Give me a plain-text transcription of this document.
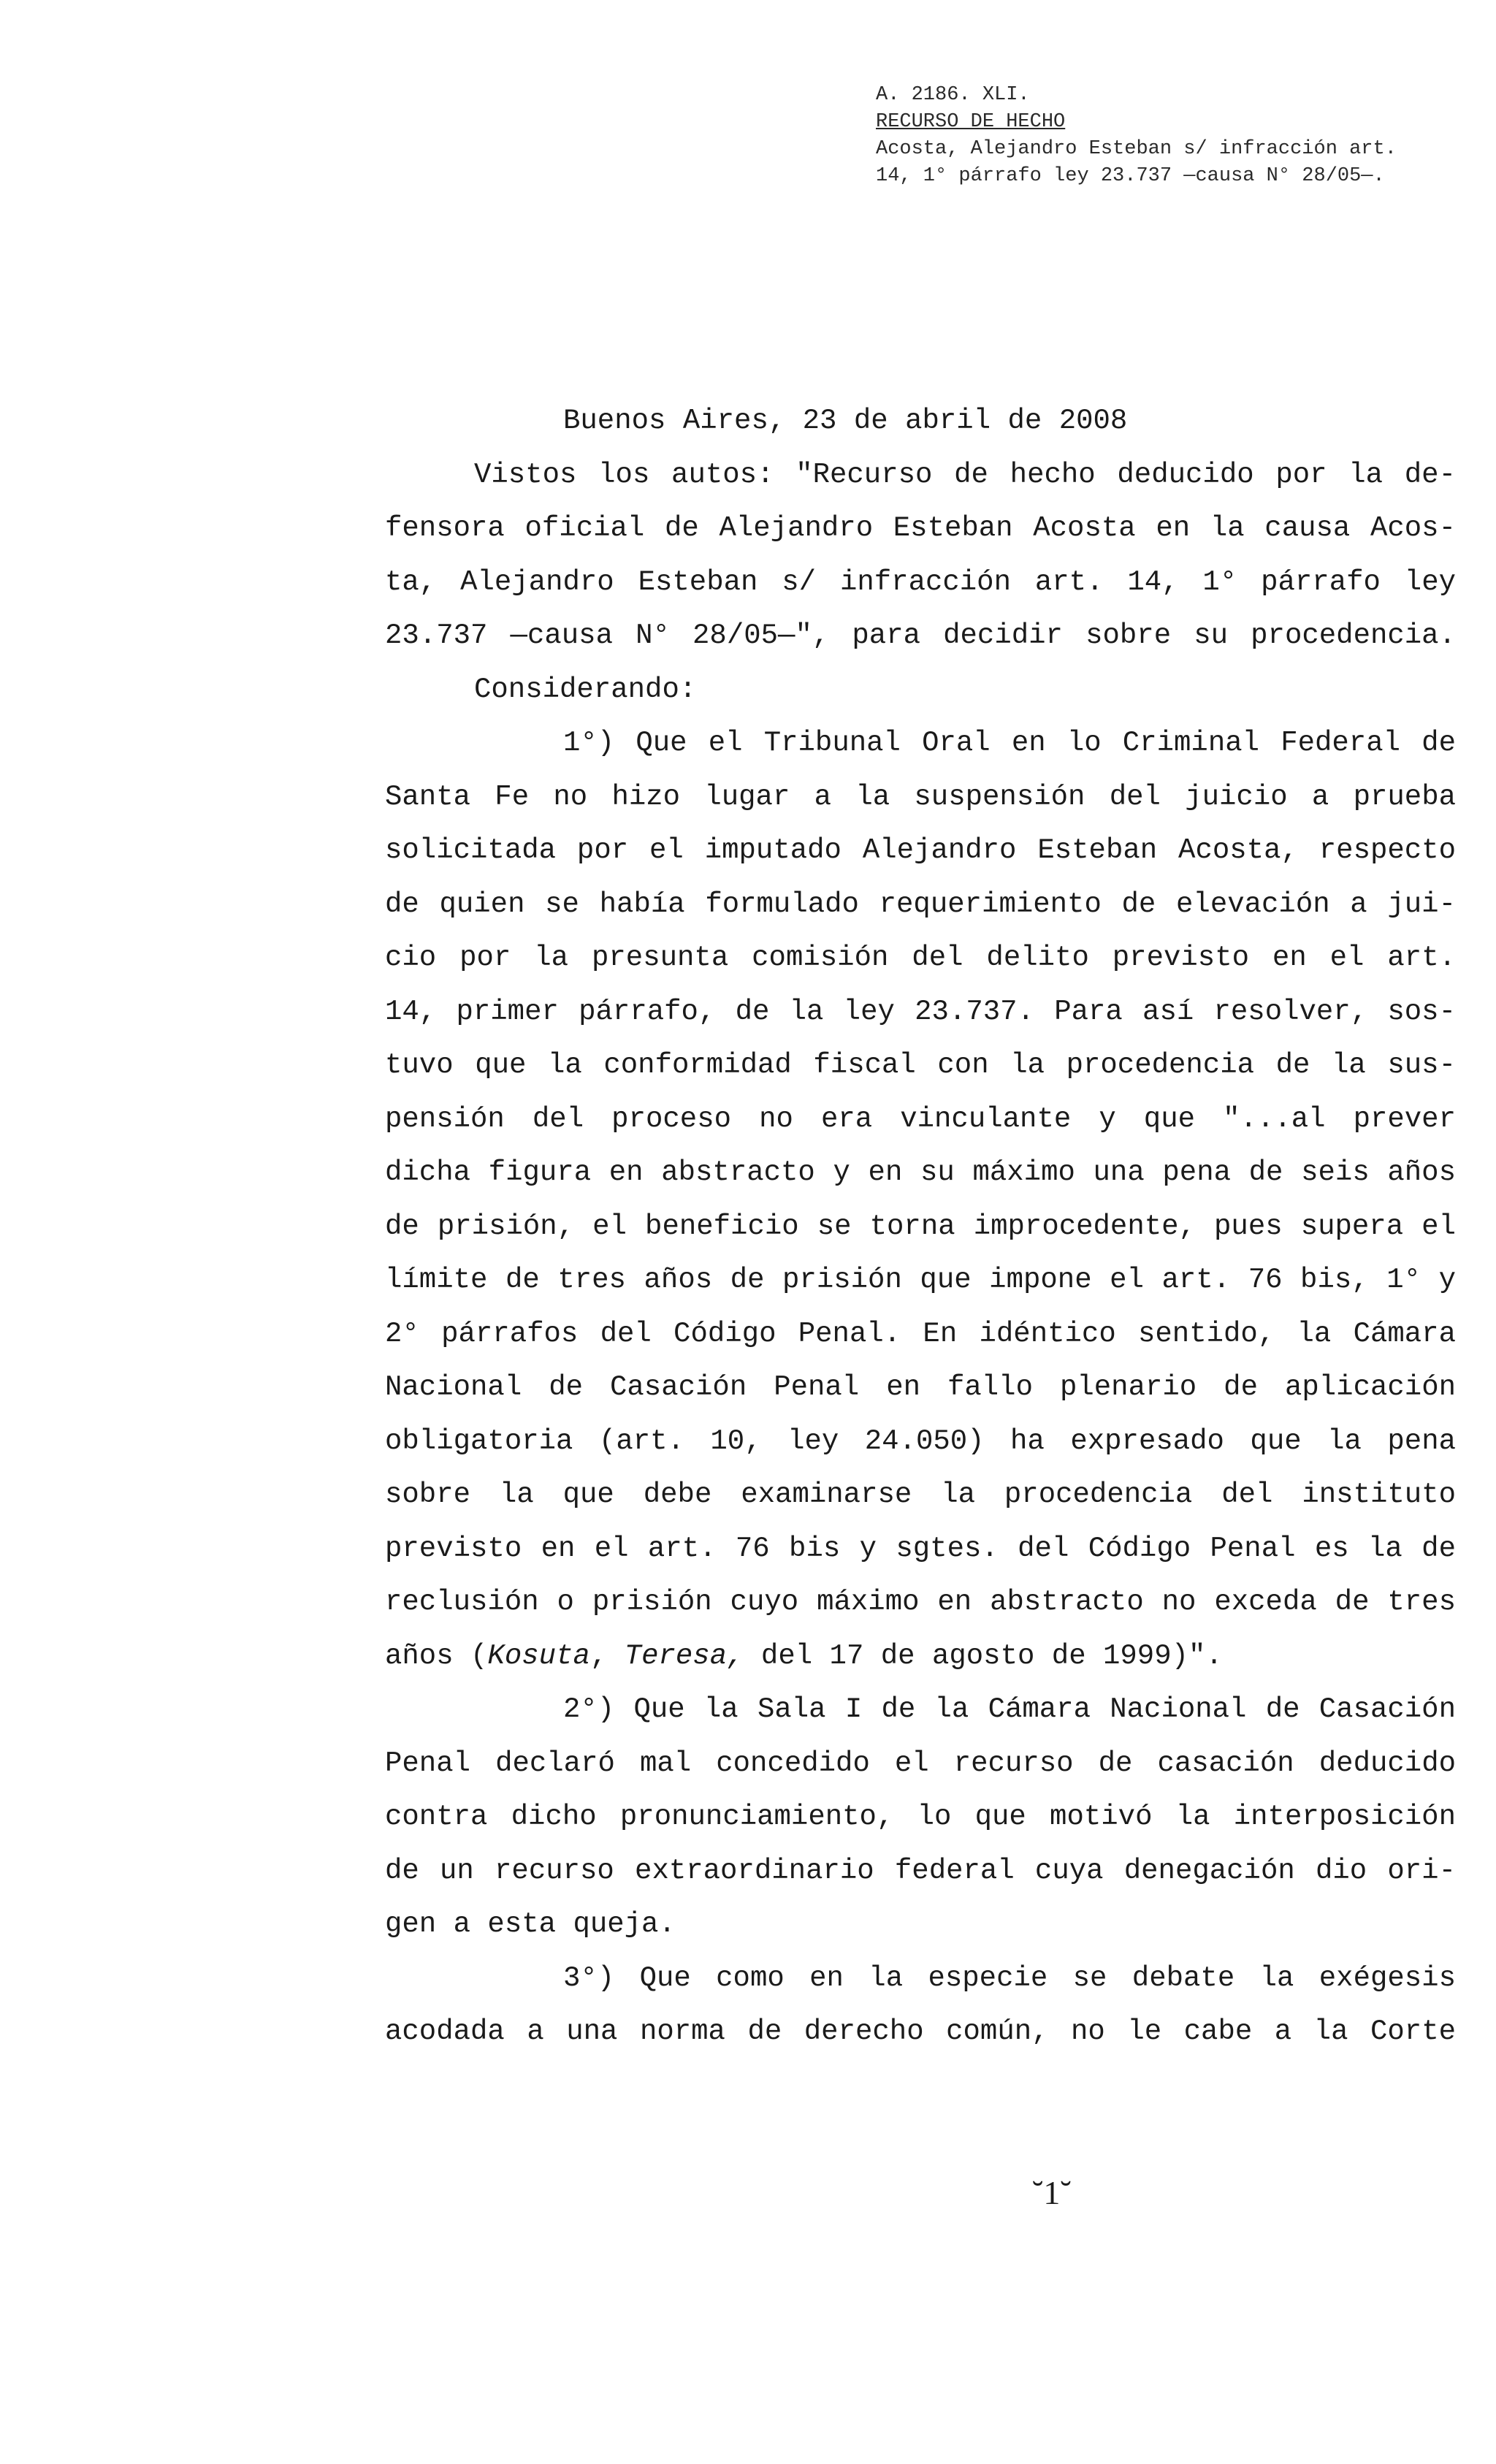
A. 2186. XLI.
RECURSO DE HECHO
Acosta, Alejandro Esteban s/ infracción art.
14, 1° párrafo ley 23.737 —causa N° 28/05—.
Buenos Aires, 23 de abril de 2008
Vistos los autos: "Recurso de hecho deducido por la de-
fensora oficial de Alejandro Esteban Acosta en la causa Acos-
ta, Alejandro Esteban s/ infracción art. 14, 1° párrafo ley
23.737 —causa N° 28/05—", para decidir sobre su procedencia.
Considerando:
1°) Que el Tribunal Oral en lo Criminal Federal de
Santa Fe no hizo lugar a la suspensión del juicio a prueba
solicitada por el imputado Alejandro Esteban Acosta, respecto
de quien se había formulado requerimiento de elevación a jui-
cio por la presunta comisión del delito previsto en el art.
14, primer párrafo, de la ley 23.737. Para así resolver, sos-
tuvo que la conformidad fiscal con la procedencia de la sus-
pensión del proceso no era vinculante y que "...al prever
dicha figura en abstracto y en su máximo una pena de seis años
de prisión, el beneficio se torna improcedente, pues supera el
límite de tres años de prisión que impone el art. 76 bis, 1° y
2° párrafos del Código Penal. En idéntico sentido, la Cámara
Nacional de Casación Penal en fallo plenario de aplicación
obligatoria (art. 10, ley 24.050) ha expresado que la pena
sobre la que debe examinarse la procedencia del instituto
previsto en el art. 76 bis y sgtes. del Código Penal es la de
reclusión o prisión cuyo máximo en abstracto no exceda de tres
años (Kosuta, Teresa, del 17 de agosto de 1999)".
2°) Que la Sala I de la Cámara Nacional de Casación
Penal declaró mal concedido el recurso de casación deducido
contra dicho pronunciamiento, lo que motivó la interposición
de un recurso extraordinario federal cuya denegación dio ori-
gen a esta queja.
3°) Que como en la especie se debate la exégesis
acodada a una norma de derecho común, no le cabe a la Corte
˘1˘
